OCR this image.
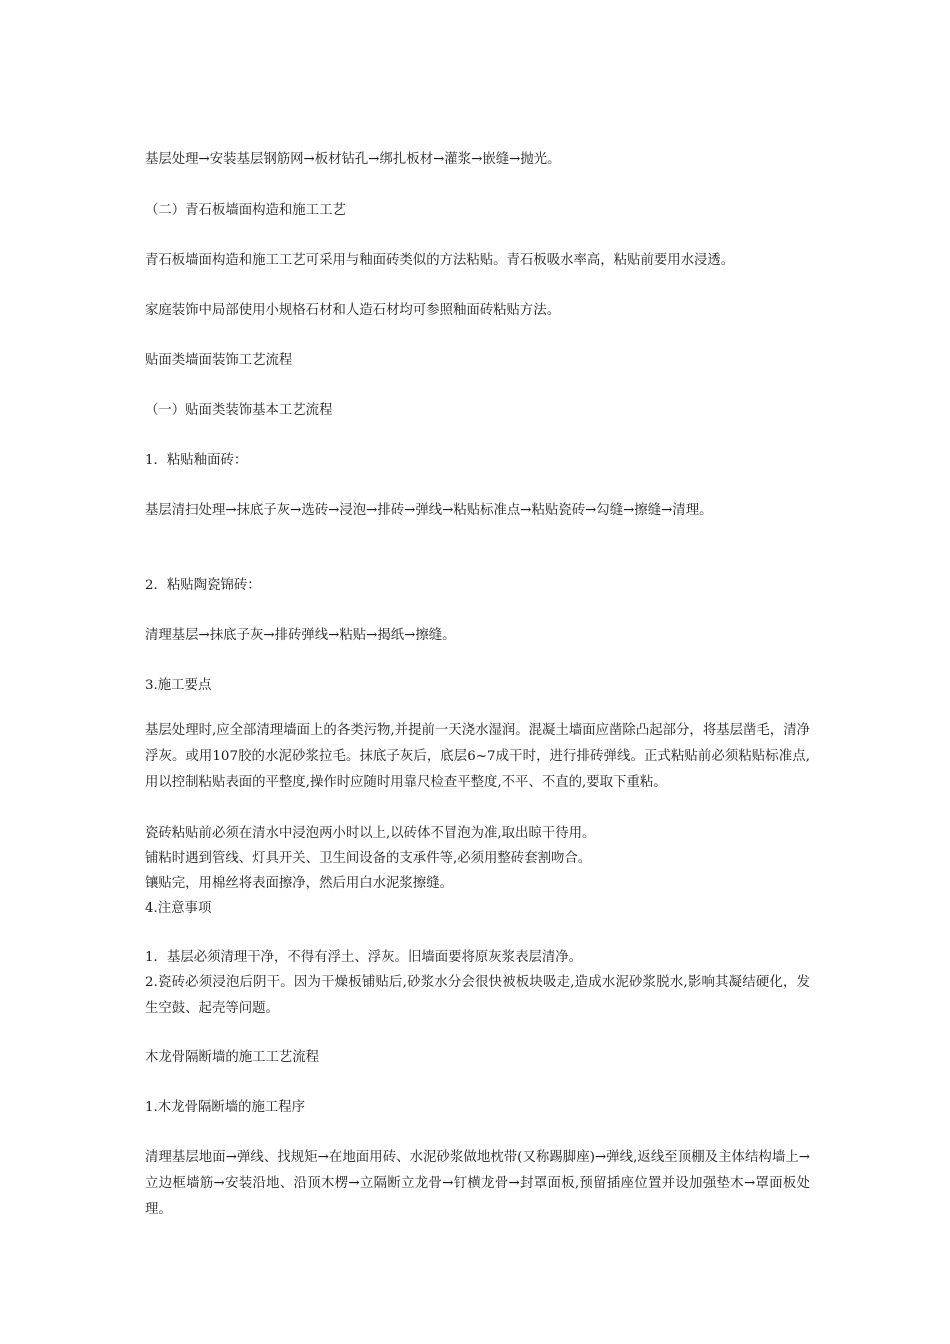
基层处理→安装基层钢筋网→板材钻孔→绑扎板材→灌浆→嵌缝→抛光。

（二）青石板墙面构造和施工工艺

青石板墙面构造和施工工艺可采用与釉面砖类似的方法粘贴。青石板吸水率高，粘贴前要用水浸透。

家庭装饰中局部使用小规格石材和人造石材均可参照釉面砖粘贴方法。

贴面类墙面装饰工艺流程

（一）贴面类装饰基本工艺流程

1．粘贴釉面砖：

基层清扫处理→抹底子灰→选砖→浸泡→排砖→弹线→粘贴标准点→粘贴瓷砖→勾缝→擦缝→清理。

2．粘贴陶瓷锦砖：

清理基层→抹底子灰→排砖弹线→粘贴→揭纸→擦缝。

3.施工要点

基层处理时,应全部清理墙面上的各类污物,并提前一天浇水湿润。混凝土墙面应凿除凸起部分，将基层凿毛，清净浮灰。或用107胶的水泥砂浆拉毛。抹底子灰后，底层6~7成干时，进行排砖弹线。正式粘贴前必须粘贴标准点,用以控制粘贴表面的平整度,操作时应随时用靠尺检查平整度,不平、不直的,要取下重粘。

瓷砖粘贴前必须在清水中浸泡两小时以上,以砖体不冒泡为准,取出晾干待用。

铺粘时遇到管线、灯具开关、卫生间设备的支承件等,必须用整砖套割吻合。

镶贴完，用棉丝将表面擦净，然后用白水泥浆擦缝。

4.注意事项

1．基层必须清理干净，不得有浮土、浮灰。旧墙面要将原灰浆表层清净。

2.瓷砖必须浸泡后阴干。因为干燥板铺贴后,砂浆水分会很快被板块吸走,造成水泥砂浆脱水,影响其凝结硬化，发生空鼓、起壳等问题。

木龙骨隔断墙的施工工艺流程

1.木龙骨隔断墙的施工程序

清理基层地面→弹线、找规矩→在地面用砖、水泥砂浆做地枕带(又称踢脚座)→弹线,返线至顶棚及主体结构墙上→立边框墙筋→安装沿地、沿顶木楞→立隔断立龙骨→钉横龙骨→封罩面板,预留插座位置并设加强垫木→罩面板处理。
